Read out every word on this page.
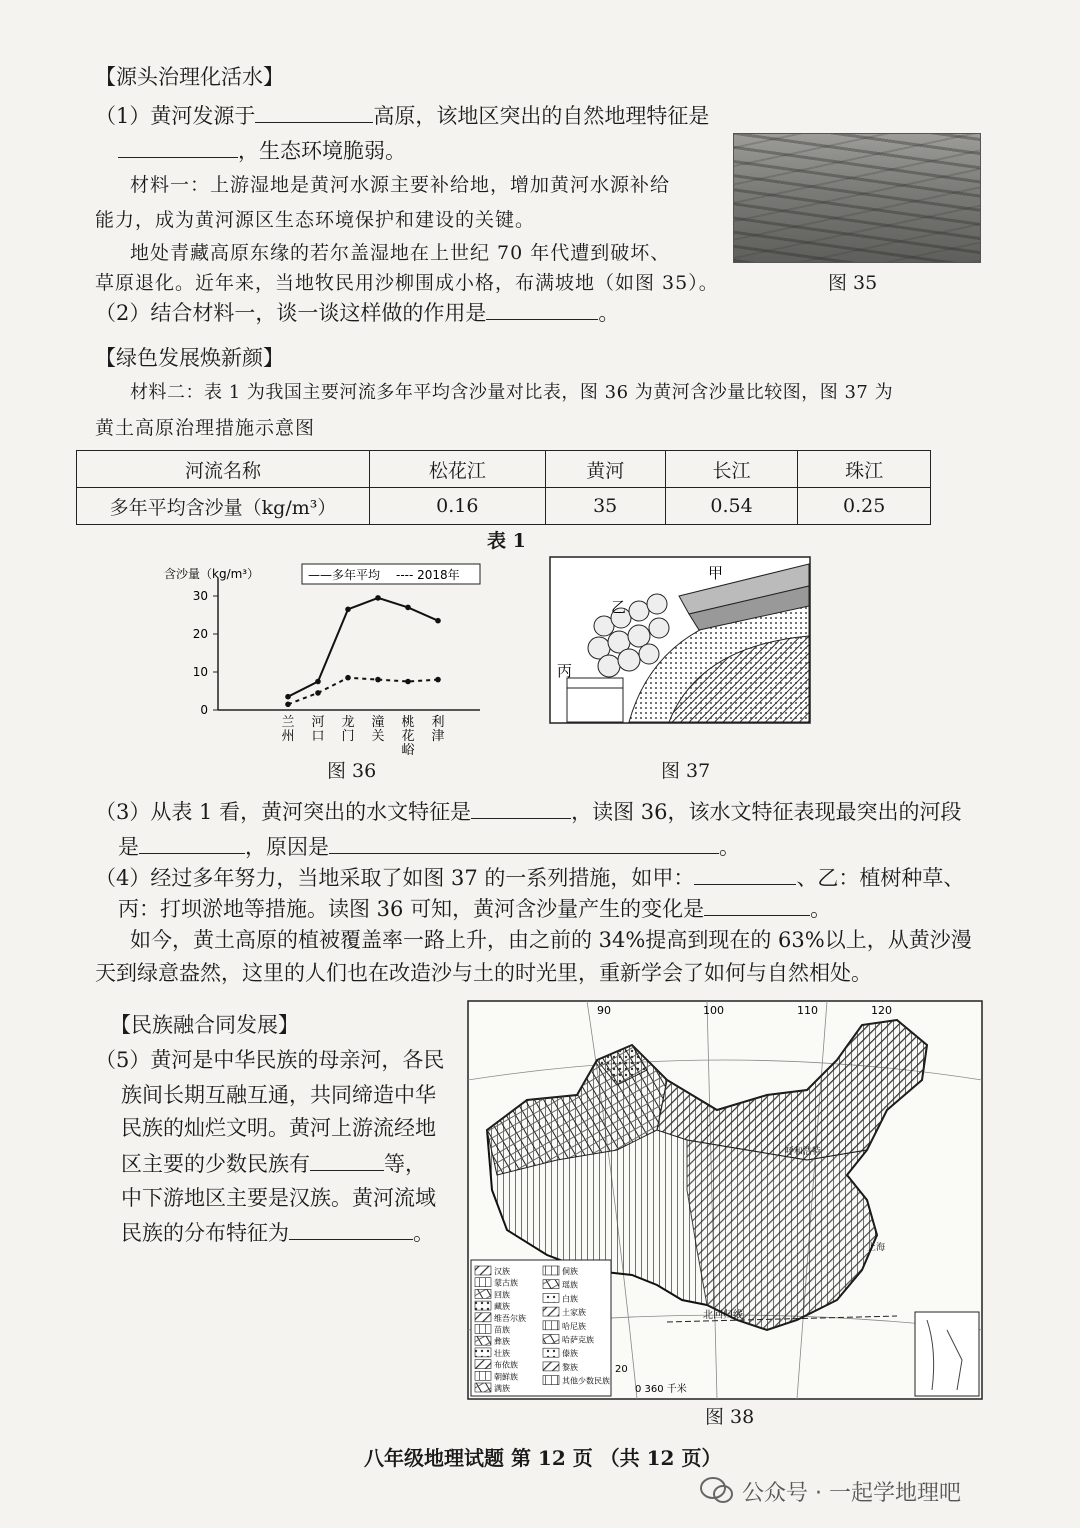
【源头治理化活水】
（1）黄河发源于	高原，该地区突出的自然地理特征是
，生态环境脆弱。
材料一：上游湿地是黄河水源主要补给地，增加黄河水源补给
能力，成为黄河源区生态环境保护和建设的关键。
地处青藏高原东缘的若尔盖湿地在上世纪 70 年代遭到破坏、
草原退化。近年来，当地牧民用沙柳围成小格，布满坡地（如图 35）。	图 35
（2）结合材料一，谈一谈这样做的作用是	。
【绿色发展焕新颜】
材料二：表 1 为我国主要河流多年平均含沙量对比表，图 36 为黄河含沙量比较图，图 37 为
黄土高原治理措施示意图
河流名称	松花江	黄河	长江	珠江
多年平均含沙量（kg/m³）	0.16	35	0.54	0.25
表 1
含沙量（kg/m³）
0
10
20
30
兰州
河口
龙门
潼关
桃花峪
利津
——多年平均 ---- 2018年
图 36
甲
乙
丙
图 37
（3）从表 1 看，黄河突出的水文特征是	，读图 36，该水文特征表现最突出的河段
是	，原因是	。
（4）经过多年努力，当地采取了如图 37 的一系列措施，如甲：	、乙：植树种草、
丙：打坝淤地等措施。读图 36 可知，黄河含沙量产生的变化是	。
如今，黄土高原的植被覆盖率一路上升，由之前的 34%提高到现在的 63%以上，从黄沙漫
天到绿意盎然，这里的人们也在改造沙与土的时光里，重新学会了如何与自然相处。
【民族融合同发展】
（5）黄河是中华民族的母亲河，各民
族间长期互融互通，共同缔造中华
民族的灿烂文明。黄河上游流经地
区主要的少数民族有	等，
中下游地区主要是汉族。黄河流域
民族的分布特征为	。
90	100	110	120
呼和浩特
上海
北回归线
20
汉族
蒙古族
回族
藏族
维吾尔族
苗族
彝族
壮族
布依族
朝鲜族
满族
侗族
瑶族
白族
土家族
哈尼族
哈萨克族
傣族
黎族
其他少数民族
0 360 千米
图 38
八年级地理试题 第 12 页 （共 12 页）
公众号 · 一起学地理吧
